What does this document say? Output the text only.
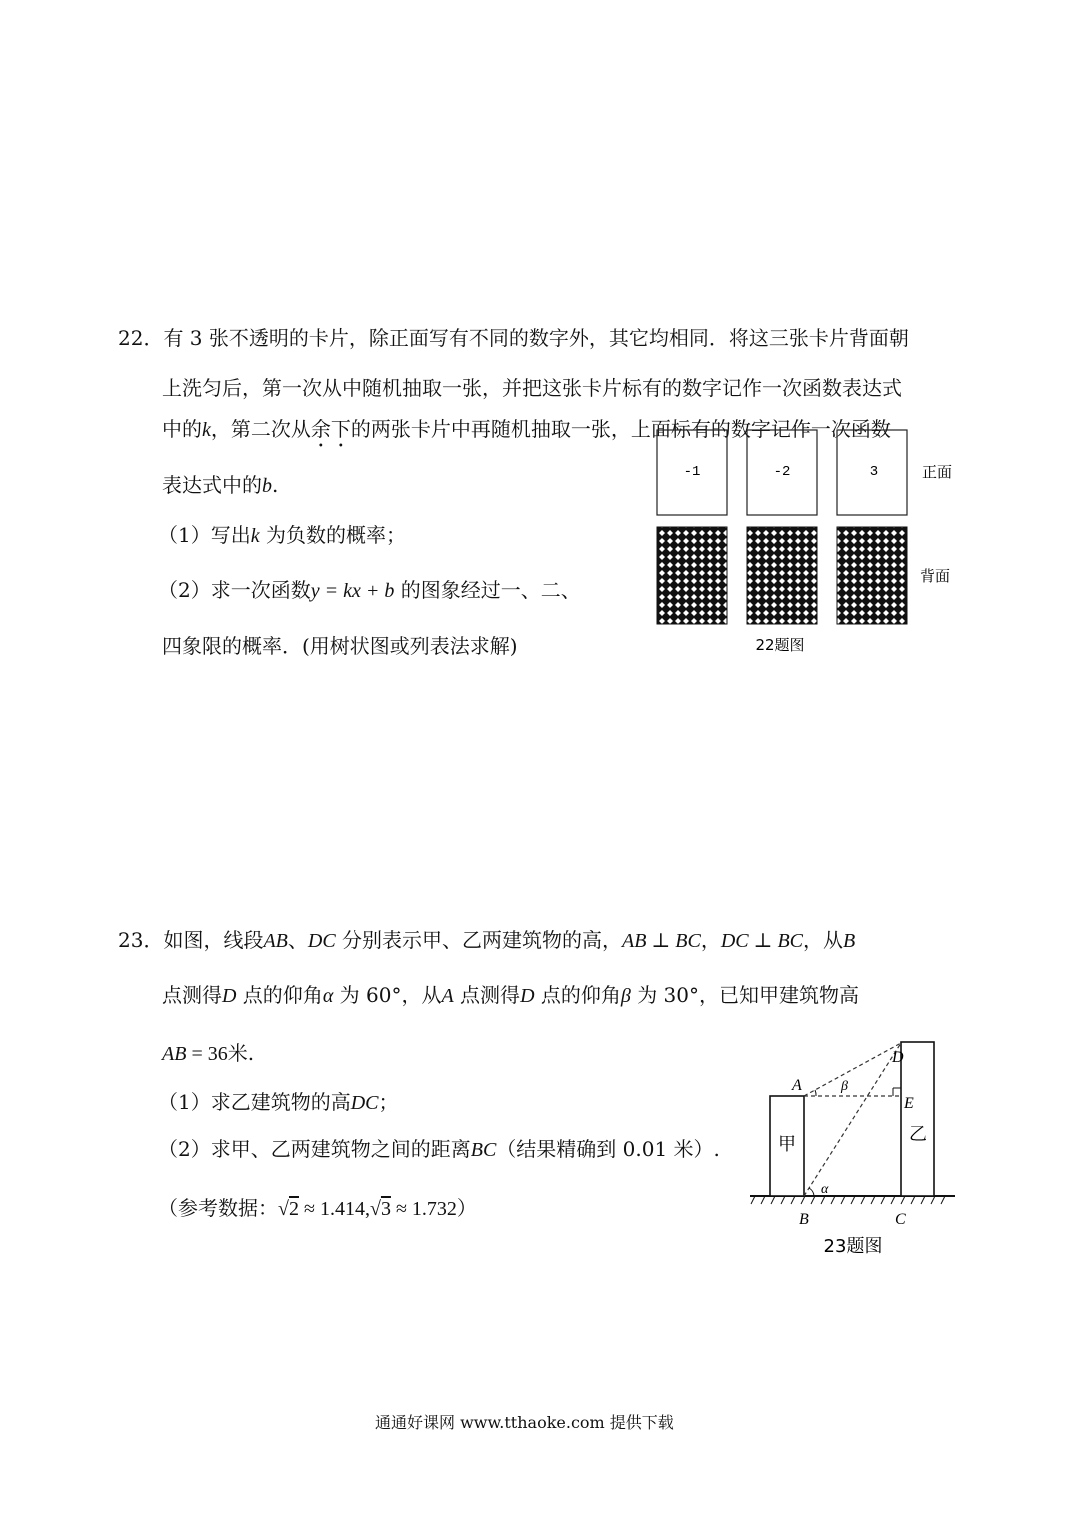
22．有 3 张不透明的卡片，除正面写有不同的数字外，其它均相同．将这三张卡片背面朝
上洗匀后，第一次从中随机抽取一张，并把这张卡片标有的数字记作一次函数表达式
中的k，第二次从余下的两张卡片中再随机抽取一张，上面标有的数字记作一次函数
表达式中的b.
（1）写出k 为负数的概率；
（2）求一次函数y = kx + b 的图象经过一、二、
四象限的概率．(用树状图或列表法求解)
-1	-2	3	正面
背面
22题图
23．如图，线段AB、DC 分别表示甲、乙两建筑物的高，AB ⊥ BC，DC ⊥ BC，从B
点测得D 点的仰角α 为 60°，从A 点测得D 点的仰角β 为 30°，已知甲建筑物高
AB = 36米.
（1）求乙建筑物的高DC；
（2）求甲、乙两建筑物之间的距离BC（结果精确到 0.01 米）.
（参考数据：√2 ≈ 1.414,√3 ≈ 1.732）
甲	乙
A
B	C
D
E
α
β
23题图
通通好课网 www.tthaoke.com 提供下载
